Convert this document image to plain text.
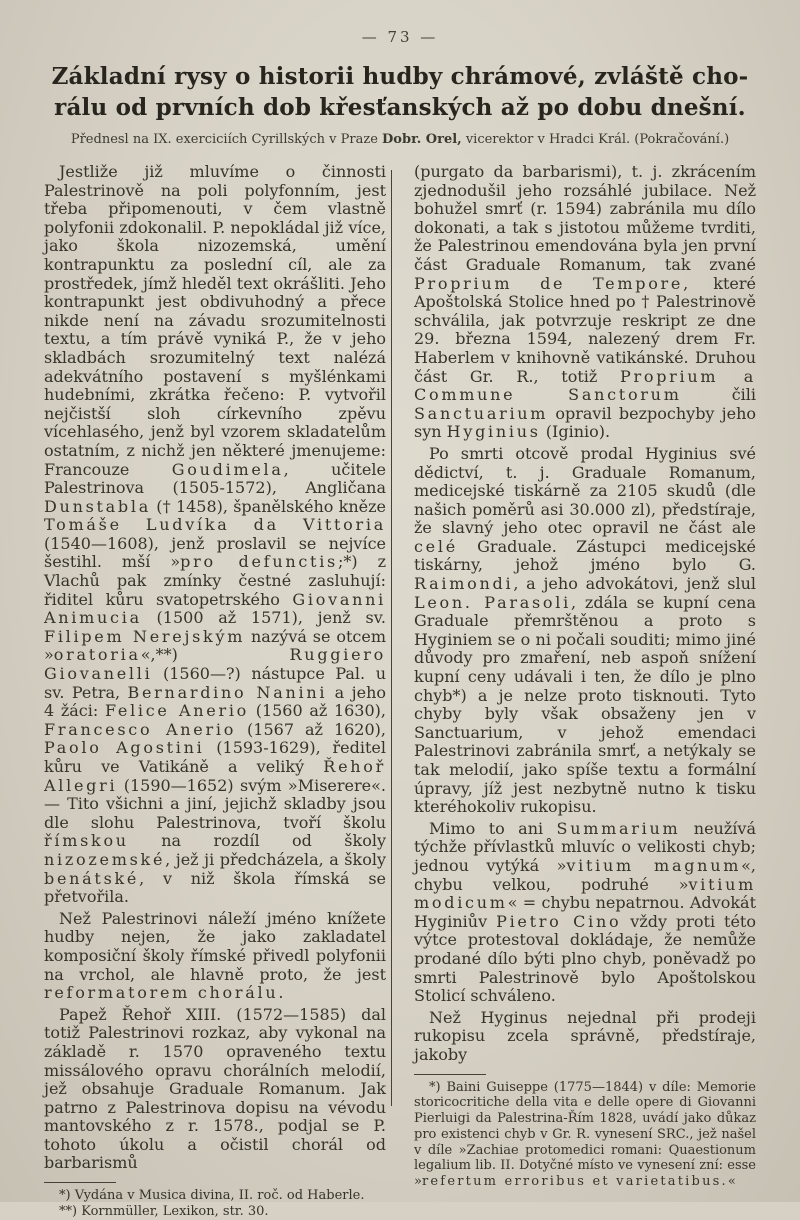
— 73 —
Základní rysy o historii hudby chrámové, zvláště cho-
rálu od prvních dob křesťanských až po dobu dnešní.
Přednesl na IX. exerciciích Cyrillských v Praze Dobr. Orel, vicerektor v Hradci Král. (Pokračování.)

Jestliže již mluvíme o činnosti Palestrinově na poli polyfonním, jest třeba připomenouti, v čem vlastně polyfonii zdokonalil. P. nepokládal již více, jako škola nizozemská, umění kontrapunktu za poslední cíl, ale za prostředek, jímž hleděl text okrášliti. Jeho kontrapunkt jest obdivuhodný a přece nikde není na závadu srozumitelnosti textu, a tím právě vyniká P., že v jeho skladbách srozumitelný text nalézá adekvátního postavení s myšlénkami hudebními, zkrátka řečeno: P. vytvořil nejčistší sloh církevního zpěvu vícehlasého, jenž byl vzorem skladatelům ostatním, z nichž jen některé jmenujeme: Francouze Goudimela, učitele Palestrinova (1505-1572), Angličana Dunstabla († 1458), španělského kněze Tomáše Ludvíka da Vittoria (1540—1608), jenž proslavil se nejvíce šestihl. mší »pro defunctis;*) z Vlachů pak zmínky čestné zasluhují: řiditel kůru svatopetrského Giovanni Animucia (1500 až 1571), jenž sv. Filipem Nerejským nazývá se otcem »oratoria«,**) Ruggiero Giovanelli (1560—?) nástupce Pal. u sv. Petra, Bernardino Nanini a jeho 4 žáci: Felice Anerio (1560 až 1630), Francesco Anerio (1567 až 1620), Paolo Agostini (1593-1629), ředitel kůru ve Vatikáně a veliký Řehoř Allegri (1590—1652) svým »Miserere«. — Tito všichni a jiní, jejichž skladby jsou dle slohu Palestrinova, tvoří školu římskou na rozdíl od školy nizozemské, jež ji předcházela, a školy benátské, v niž škola římská se přetvořila.

Než Palestrinovi náleží jméno knížete hudby nejen, že jako zakladatel komposiční školy římské přivedl polyfonii na vrchol, ale hlavně proto, že jest reformatorem chorálu.

Papež Řehoř XIII. (1572—1585) dal totiž Palestrinovi rozkaz, aby vykonal na základě r. 1570 opraveného textu missálového opravu chorálních melodií, jež obsahuje Graduale Romanum. Jak patrno z Palestrinova dopisu na vévodu mantovského z r. 1578., podjal se P. tohoto úkolu a očistil chorál od barbarismů

*) Vydána v Musica divina, II. roč. od Haberle.

**) Kornmüller, Lexikon, str. 30.

(purgato da barbarismi), t. j. zkrácením zjednodušil jeho rozsáhlé jubilace. Než bohužel smrť (r. 1594) zabránila mu dílo dokonati, a tak s jistotou můžeme tvrditi, že Palestrinou emendována byla jen první část Graduale Romanum, tak zvané Proprium de Tempore, které Apoštolská Stolice hned po † Palestrinově schválila, jak potvrzuje reskript ze dne 29. března 1594, nalezený drem Fr. Haberlem v knihovně vatikánské. Druhou část Gr. R., totiž Proprium a Commune Sanctorum čili Sanctuarium opravil bezpochyby jeho syn Hyginius (Iginio).

Po smrti otcově prodal Hyginius své dědictví, t. j. Graduale Romanum, medicejské tiskárně za 2105 skudů (dle našich poměrů asi 30.000 zl), předstíraje, že slavný jeho otec opravil ne část ale celé Graduale. Zástupci medicejské tiskárny, jehož jméno bylo G. Raimondi, a jeho advokátovi, jenž slul Leon. Parasoli, zdála se kupní cena Graduale přemrštěnou a proto s Hyginiem se o ni počali souditi; mimo jiné důvody pro zmaření, neb aspoň snížení kupní ceny udávali i ten, že dílo je plno chyb*) a je nelze proto tisknouti. Tyto chyby byly však obsaženy jen v Sanctuarium, v jehož emendaci Palestrinovi zabránila smrť, a netýkaly se tak melodií, jako spíše textu a formální úpravy, jíž jest nezbytně nutno k tisku kteréhokoliv rukopisu.

Mimo to ani Summarium neužívá týchže přívlastků mluvíc o velikosti chyb; jednou vytýká »vitium magnum«, chybu velkou, podruhé »vitium modicum« = chybu nepatrnou. Advokát Hyginiův Pietro Cino vždy proti této výtce protestoval dokládaje, že nemůže prodané dílo býti plno chyb, poněvadž po smrti Palestrinově bylo Apoštolskou Stolicí schváleno.

Než Hyginus nejednal při prodeji rukopisu zcela správně, předstíraje, jakoby

*) Baini Guiseppe (1775—1844) v díle: Memorie storicocritiche della vita e delle opere di Giovanni Pierluigi da Palestrina-Řím 1828, uvádí jako důkaz pro existenci chyb v Gr. R. vynesení SRC., jež našel v díle »Zachiae protomedici romani: Quaestionum legalium lib. II. Dotyčné místo ve vynesení zní: esse »refertum erroribus et varietatibus.«
